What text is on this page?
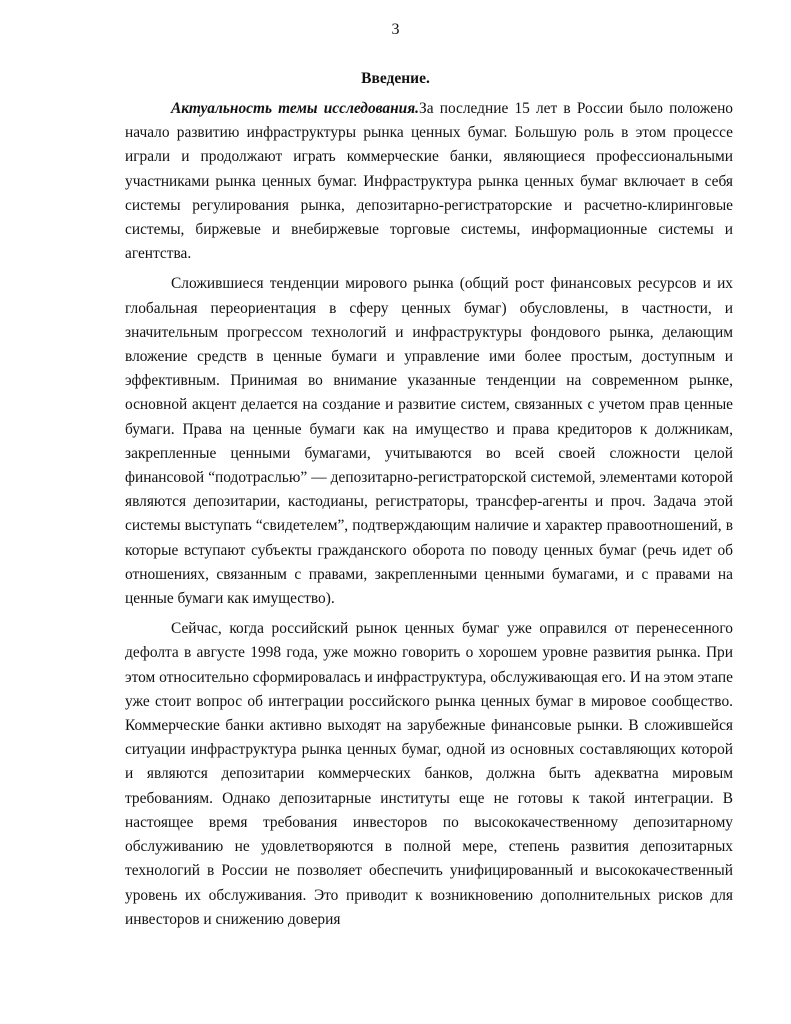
3
Введение.

Актуальность темы исследования.За последние 15 лет в России было положено начало развитию инфраструктуры рынка ценных бумаг. Большую роль в этом процессе играли и продолжают играть коммерческие банки, являющиеся профессиональными участниками рынка ценных бумаг. Инфраструктура рынка ценных бумаг включает в себя системы регулирования рынка, депозитарно-регистраторские и расчетно-клиринговые системы, биржевые и внебиржевые торговые системы, информационные системы и агентства.

Сложившиеся тенденции мирового рынка (общий рост финансовых ресурсов и их глобальная переориентация в сферу ценных бумаг) обусловлены, в частности, и значительным прогрессом технологий и инфраструктуры фондового рынка, делающим вложение средств в ценные бумаги и управление ими более простым, доступным и эффективным. Принимая во внимание указанные тенденции на современном рынке, основной акцент делается на создание и развитие систем, связанных с учетом прав ценные бумаги. Права на ценные бумаги как на имущество и права кредиторов к должникам, закрепленные ценными бумагами, учитываются во всей своей сложности целой финансовой “подотраслью” — депозитарно-регистраторской системой, элементами которой являются депозитарии, кастодианы, регистраторы, трансфер-агенты и проч. Задача этой системы выступать “свидетелем”, подтверждающим наличие и характер правоотношений, в которые вступают субъекты гражданского оборота по поводу ценных бумаг (речь идет об отношениях, связанным с правами, закрепленными ценными бумагами, и с правами на ценные бумаги как имущество).

Сейчас, когда российский рынок ценных бумаг уже оправился от перенесенного дефолта в августе 1998 года, уже можно говорить о хорошем уровне развития рынка. При этом относительно сформировалась и инфраструктура, обслуживающая его. И на этом этапе уже стоит вопрос об интеграции российского рынка ценных бумаг в мировое сообщество. Коммерческие банки активно выходят на зарубежные финансовые рынки. В сложившейся ситуации инфраструктура рынка ценных бумаг, одной из основных составляющих которой и являются депозитарии коммерческих банков, должна быть адекватна мировым требованиям. Однако депозитарные институты еще не готовы к такой интеграции. В настоящее время требования инвесторов по высококачественному депозитарному обслуживанию не удовлетворяются в полной мере, степень развития депозитарных технологий в России не позволяет обеспечить унифицированный и высококачественный уровень их обслуживания. Это приводит к возникновению дополнительных рисков для инвесторов и снижению доверия
